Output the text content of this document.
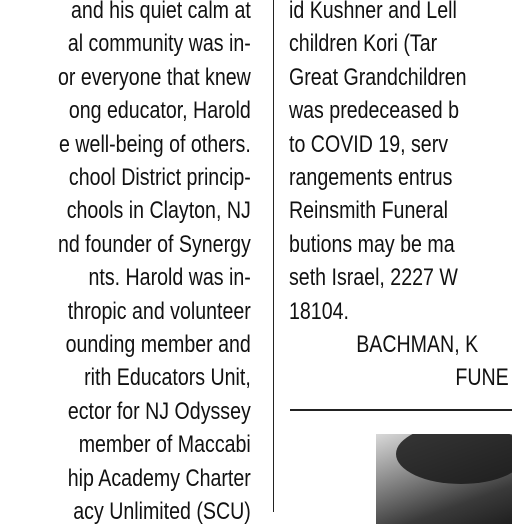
and his quiet calm at
al community was in-
or everyone that knew
ong educator, Harold
e well-being of others.
chool District princip-
chools in Clayton, NJ
nd founder of Synergy
nts. Harold was in-
thropic and volunteer
ounding member and
rith Educators Unit,
ector for NJ Odyssey
member of Maccabi
hip Academy Charter
acy Unlimited (SCU)
id Kushner and Lell
children Kori (Tar
Great Grandchildren
was predeceased b
to COVID 19, serv
rangements entrus
Reinsmith Funeral
butions may be ma
seth Israel, 2227 W
18104.
BACHMAN, K
FUNE
